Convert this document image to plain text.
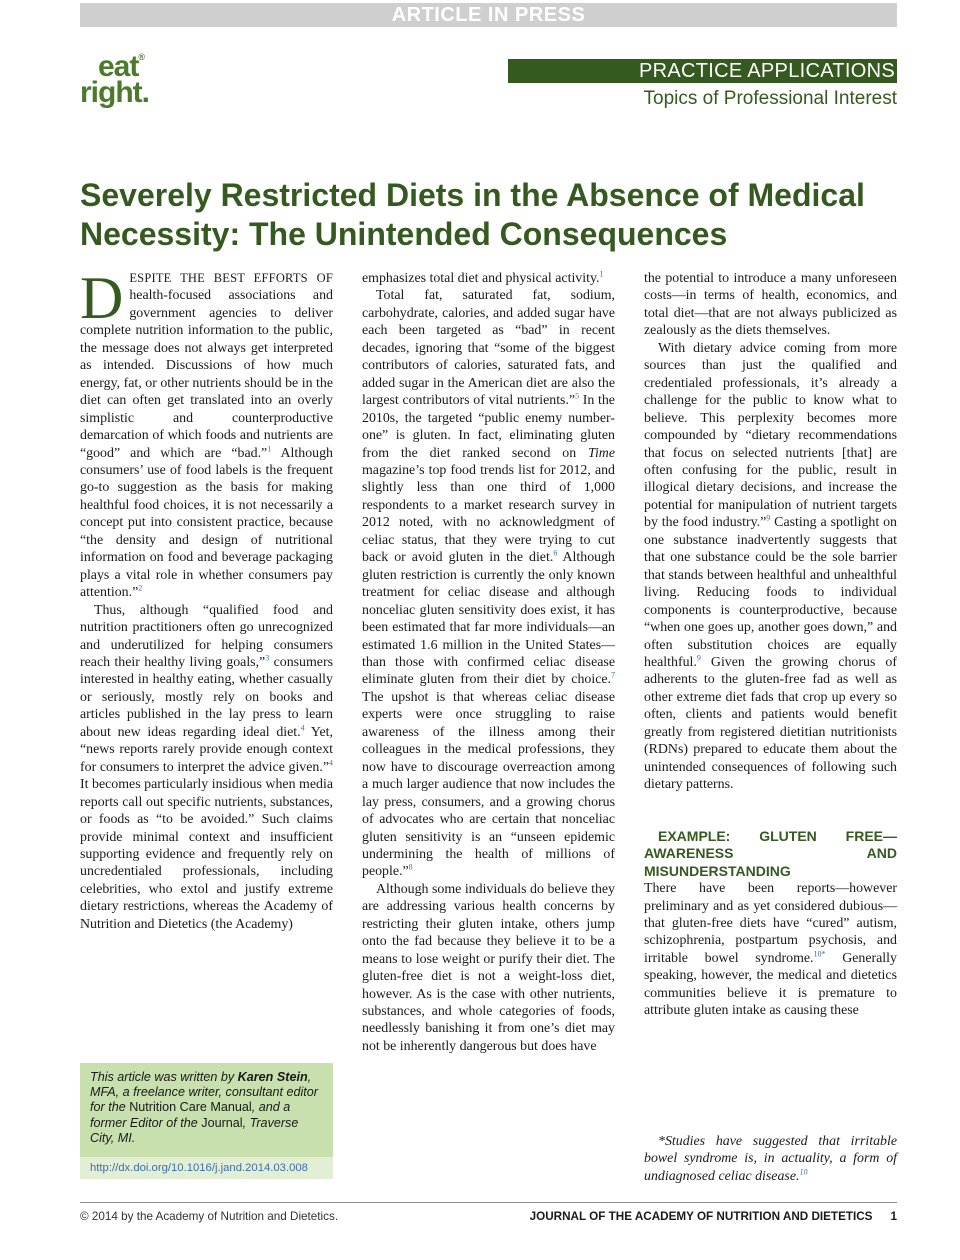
ARTICLE IN PRESS
eat®
right.
PRACTICE APPLICATIONS
Topics of Professional Interest
Severely Restricted Diets in the Absence of Medical Necessity: The Unintended Consequences

DESPITE THE BEST EFFORTS OF health-focused associations and government agencies to deliver complete nutrition information to the public, the message does not always get interpreted as intended. Discussions of how much energy, fat, or other nutrients should be in the diet can often get translated into an overly simplistic and counterproductive demarcation of which foods and nutrients are “good” and which are “bad.”$^1$ Although consumers’ use of food labels is the frequent go-to suggestion as the basis for making healthful food choices, it is not necessarily a concept put into consistent practice, because “the density and design of nutritional information on food and beverage packaging plays a vital role in whether consumers pay attention.”$^2$

Thus, although “qualified food and nutrition practitioners often go unrecognized and underutilized for helping consumers reach their healthy living goals,”$^3$ consumers interested in healthy eating, whether casually or seriously, mostly rely on books and articles published in the lay press to learn about new ideas regarding ideal diet.$^4$ Yet, “news reports rarely provide enough context for consumers to interpret the advice given.”$^4$ It becomes particularly insidious when media reports call out specific nutrients, substances, or foods as “to be avoided.” Such claims provide minimal context and insufficient supporting evidence and frequently rely on uncredentialed professionals, including celebrities, who extol and justify extreme dietary restrictions, whereas the Academy of Nutrition and Dietetics (the Academy)

emphasizes total diet and physical activity.$^1$

Total fat, saturated fat, sodium, carbohydrate, calories, and added sugar have each been targeted as “bad” in recent decades, ignoring that “some of the biggest contributors of calories, saturated fats, and added sugar in the American diet are also the largest contributors of vital nutrients.”$^5$ In the 2010s, the targeted “public enemy number-one” is gluten. In fact, eliminating gluten from the diet ranked second on Time magazine’s top food trends list for 2012, and slightly less than one third of 1,000 respondents to a market research survey in 2012 noted, with no acknowledgment of celiac status, that they were trying to cut back or avoid gluten in the diet.$^6$ Although gluten restriction is currently the only known treatment for celiac disease and although nonceliac gluten sensitivity does exist, it has been estimated that far more individuals—an estimated 1.6 million in the United States—than those with confirmed celiac disease eliminate gluten from their diet by choice.$^7$ The upshot is that whereas celiac disease experts were once struggling to raise awareness of the illness among their colleagues in the medical professions, they now have to discourage overreaction among a much larger audience that now includes the lay press, consumers, and a growing chorus of advocates who are certain that nonceliac gluten sensitivity is an “unseen epidemic undermining the health of millions of people.”$^8$

Although some individuals do believe they are addressing various health concerns by restricting their gluten intake, others jump onto the fad because they believe it to be a means to lose weight or purify their diet. The gluten-free diet is not a weight-loss diet, however. As is the case with other nutrients, substances, and whole categories of foods, needlessly banishing it from one’s diet may not be inherently dangerous but does have

the potential to introduce a many unforeseen costs—in terms of health, economics, and total diet—that are not always publicized as zealously as the diets themselves.

With dietary advice coming from more sources than just the qualified and credentialed professionals, it’s already a challenge for the public to know what to believe. This perplexity becomes more compounded by “dietary recommendations that focus on selected nutrients [that] are often confusing for the public, result in illogical dietary decisions, and increase the potential for manipulation of nutrient targets by the food industry.”$^9$ Casting a spotlight on one substance inadvertently suggests that that one substance could be the sole barrier that stands between healthful and unhealthful living. Reducing foods to individual components is counterproductive, because “when one goes up, another goes down,” and often substitution choices are equally healthful.$^9$ Given the growing chorus of adherents to the gluten-free fad as well as other extreme diet fads that crop up every so often, clients and patients would benefit greatly from registered dietitian nutritionists (RDNs) prepared to educate them about the unintended consequences of following such dietary patterns.

EXAMPLE: GLUTEN FREE—AWARENESS AND MISUNDERSTANDING

There have been reports—however preliminary and as yet considered dubious—that gluten-free diets have “cured” autism, schizophrenia, postpartum psychosis, and irritable bowel syndrome.$^{10*}$ Generally speaking, however, the medical and dietetics communities believe it is premature to attribute gluten intake as causing these

*Studies have suggested that irritable bowel syndrome is, in actuality, a form of undiagnosed celiac disease.$^{10}$
This article was written by Karen Stein, MFA, a freelance writer, consultant editor for the Nutrition Care Manual, and a former Editor of the Journal, Traverse City, MI.
http://dx.doi.org/10.1016/j.jand.2014.03.008
© 2014 by the Academy of Nutrition and Dietetics.	JOURNAL OF THE ACADEMY OF NUTRITION AND DIETETICS 1
